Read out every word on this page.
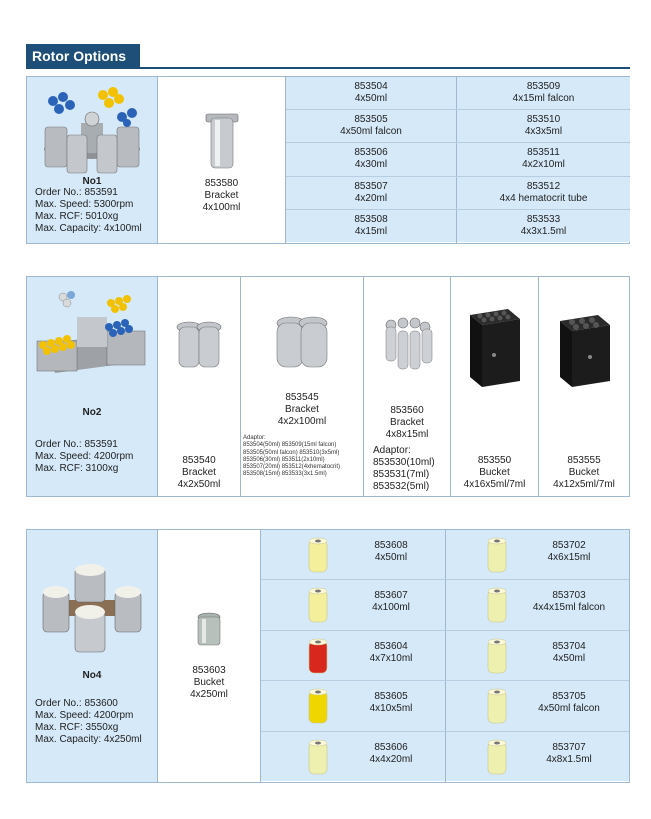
Rotor Options
No1
Order No.: 853591
Max. Speed: 5300rpm
Max. RCF: 5010xg
Max. Capacity: 4x100ml
853580
Bracket
4x100ml
853504
4x50ml
853509
4x15ml falcon
853505
4x50ml falcon
853510
4x3x5ml
853506
4x30ml
853511
4x2x10ml
853507
4x20ml
853512
4x4 hematocrit tube
853508
4x15ml
853533
4x3x1.5ml
No2
Order No.: 853591
Max. Speed: 4200rpm
Max. RCF: 3100xg
853540
Bracket
4x2x50ml
853545
Bracket
4x2x100ml
Adaptor:
853504(50ml) 853509(15ml falcon)
853505(50ml falcon) 853510(3x5ml)
853506(30ml) 853511(2x10ml)
853507(20ml) 853512(4xhematocrit)
853508(15ml) 853533(3x1.5ml)
853560
Bracket
4x8x15ml
Adaptor:
853530(10ml)
853531(7ml)
853532(5ml)
853550
Bucket
4x16x5ml/7ml
853555
Bucket
4x12x5ml/7ml
No4
Order No.: 853600
Max. Speed: 4200rpm
Max. RCF: 3550xg
Max. Capacity: 4x250ml
853603
Bucket
4x250ml
853608
4x50ml
853702
4x6x15ml
853607
4x100ml
853703
4x4x15ml falcon
853604
4x7x10ml
853704
4x50ml
853605
4x10x5ml
853705
4x50ml falcon
853606
4x4x20ml
853707
4x8x1.5ml
